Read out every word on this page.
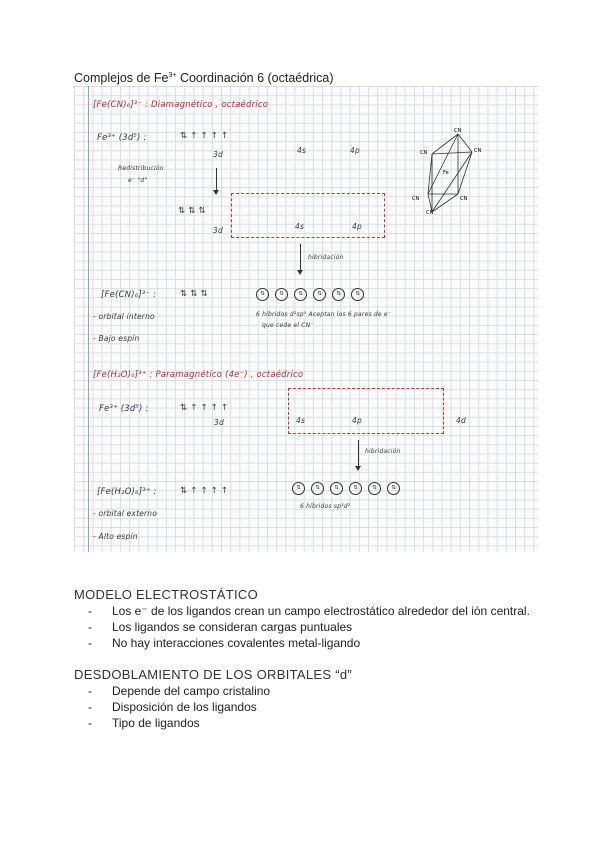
Complejos de $Fe^{3+}$ Coordinación 6 (octaédrica)
[Fe(CN)₆]³⁻ : Diamagnético , octaédrico
Fe³⁺ (3d⁵) :	⇅ ↑ ↑ ↑ ↑
3d	4s	4p
Redistribución
e⁻ "d"
⇅ ⇅ ⇅
3d	4s	4p
hibridación
[Fe(CN)₆]³⁻ :	⇅ ⇅ ⇅	⇅	⇅	⇅	⇅	⇅	⇅
- orbital interno	6 híbridos d²sp³ Aceptan los 6 pares de e⁻
que cede el CN⁻
- Bajo espín
CN
CN	CN
Fe
CN	CN
CN
[Fe(H₂O)₆]³⁺ : Paramagnético (4e⁻) , octaédrico
Fe³⁺ (3d⁵) :	⇅ ↑ ↑ ↑ ↑
3d	4s	4p	4d
hibridación
[Fe(H₂O)₆]³⁺ :	⇅ ↑ ↑ ↑ ↑	⇅	⇅	⇅	⇅	⇅	⇅
- orbital externo
6 híbridos sp³d²
- Alto espín
MODELO ELECTROSTÁTICO
- Los e⁻ de los ligandos crean un campo electrostático alrededor del ión central.
- Los ligandos se consideran cargas puntuales
- No hay interacciones covalentes metal-ligando
DESDOBLAMIENTO DE LOS ORBITALES “d”
- Depende del campo cristalino
- Disposición de los ligandos
- Tipo de ligandos
